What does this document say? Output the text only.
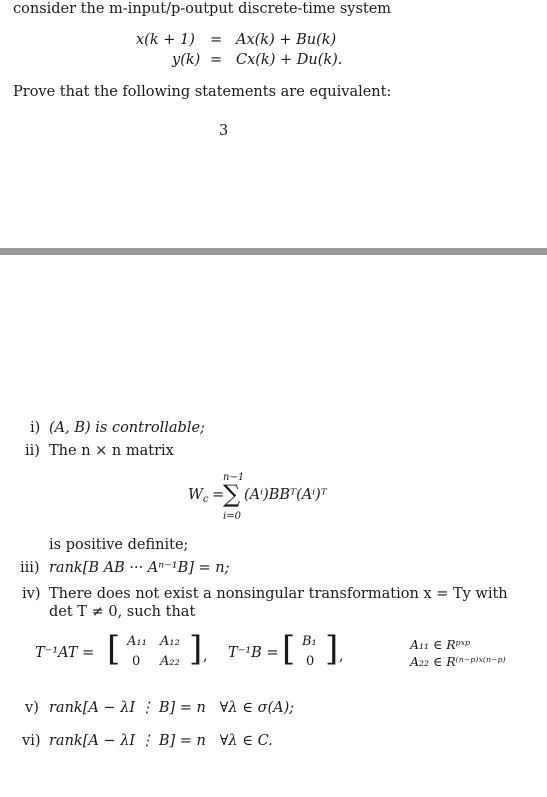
consider the m-input/p-output discrete-time system
x(k + 1) = Ax(k) + Bu(k)
y(k) = Cx(k) + Du(k).
Prove that the following statements are equivalent:
3
i) (A, B) is controllable;
ii) The n × n matrix
$W_c$ =
n−1
∑
i=0
(Aⁱ)BBᵀ(Aⁱ)ᵀ
is positive definite;
iii) rank[B AB ··· Aⁿ⁻¹B] = n;
iv) There does not exist a nonsingular transformation x = Ty with
det T ≠ 0, such that
T⁻¹AT = [ A₁₁ A₁₂
0 A₂₂ ] , T⁻¹B = [ B₁
0 ] ,
A₁₁ ∈ Rᵖˣᵖ
A₂₂ ∈ R⁽ⁿ⁻ᵖ⁾ˣ⁽ⁿ⁻ᵖ⁾
v) rank[A − λI ⋮ B] = n   ∀λ ∈ σ(A);
vi) rank[A − λI ⋮ B] = n   ∀λ ∈ C.
